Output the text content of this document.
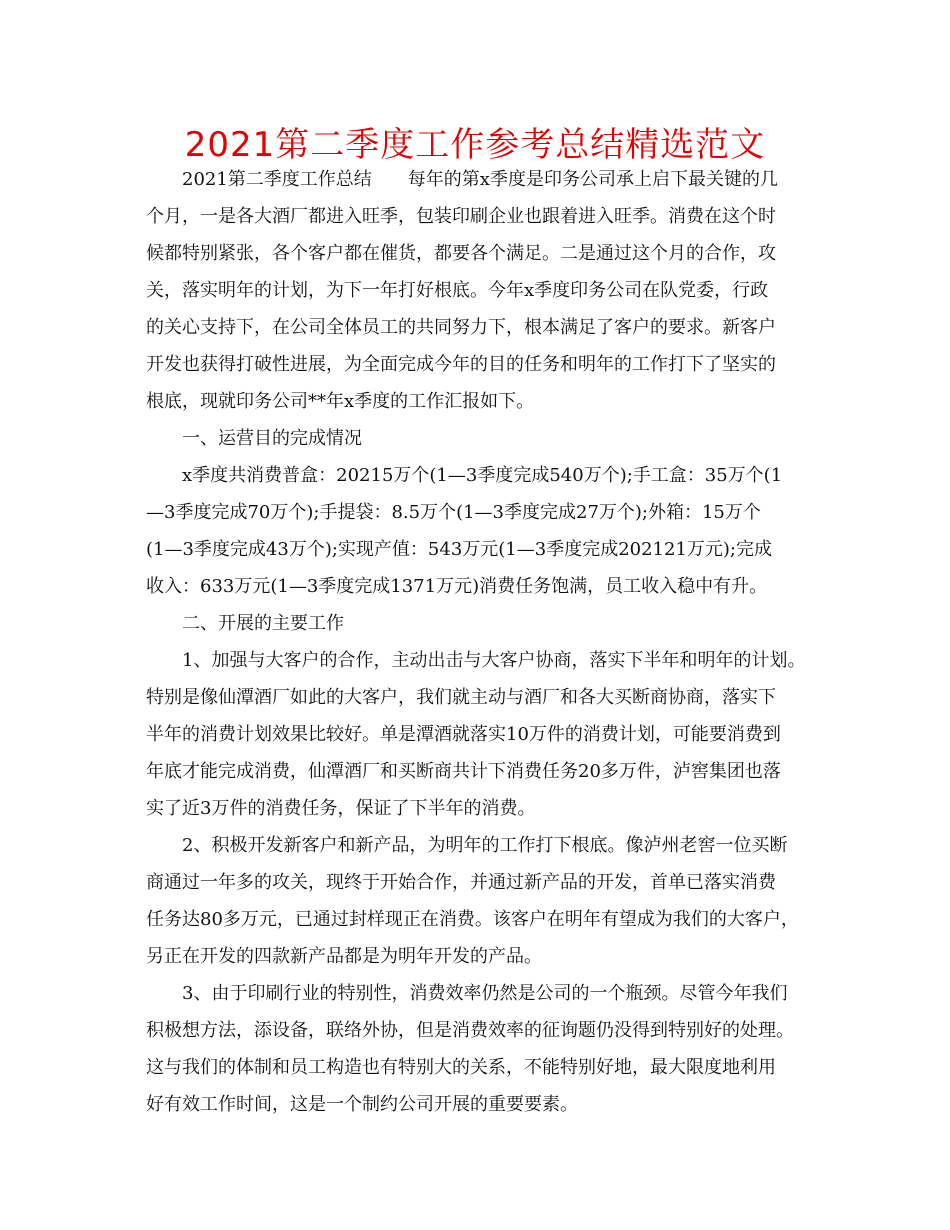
2021第二季度工作参考总结精选范文
2021第二季度工作总结　　每年的第x季度是印务公司承上启下最关键的几
个月，一是各大酒厂都进入旺季，包装印刷企业也跟着进入旺季。消费在这个时
候都特别紧张，各个客户都在催货，都要各个满足。二是通过这个月的合作，攻
关，落实明年的计划，为下一年打好根底。今年x季度印务公司在队党委，行政
的关心支持下，在公司全体员工的共同努力下，根本满足了客户的要求。新客户
开发也获得打破性进展，为全面完成今年的目的任务和明年的工作打下了坚实的
根底，现就印务公司**年x季度的工作汇报如下。
一、运营目的完成情况
x季度共消费普盒：20215万个(1—3季度完成540万个);手工盒：35万个(1
—3季度完成70万个);手提袋：8.5万个(1—3季度完成27万个);外箱：15万个
(1—3季度完成43万个);实现产值：543万元(1—3季度完成202121万元);完成
收入：633万元(1—3季度完成1371万元)消费任务饱满，员工收入稳中有升。
二、开展的主要工作
1、加强与大客户的合作，主动出击与大客户协商，落实下半年和明年的计划。
特别是像仙潭酒厂如此的大客户，我们就主动与酒厂和各大买断商协商，落实下
半年的消费计划效果比较好。单是潭酒就落实10万件的消费计划，可能要消费到
年底才能完成消费，仙潭酒厂和买断商共计下消费任务20多万件，泸窖集团也落
实了近3万件的消费任务，保证了下半年的消费。
2、积极开发新客户和新产品，为明年的工作打下根底。像泸州老窖一位买断
商通过一年多的攻关，现终于开始合作，并通过新产品的开发，首单已落实消费
任务达80多万元，已通过封样现正在消费。该客户在明年有望成为我们的大客户，
另正在开发的四款新产品都是为明年开发的产品。
3、由于印刷行业的特别性，消费效率仍然是公司的一个瓶颈。尽管今年我们
积极想方法，添设备，联络外协，但是消费效率的征询题仍没得到特别好的处理。
这与我们的体制和员工构造也有特别大的关系，不能特别好地，最大限度地利用
好有效工作时间，这是一个制约公司开展的重要要素。
